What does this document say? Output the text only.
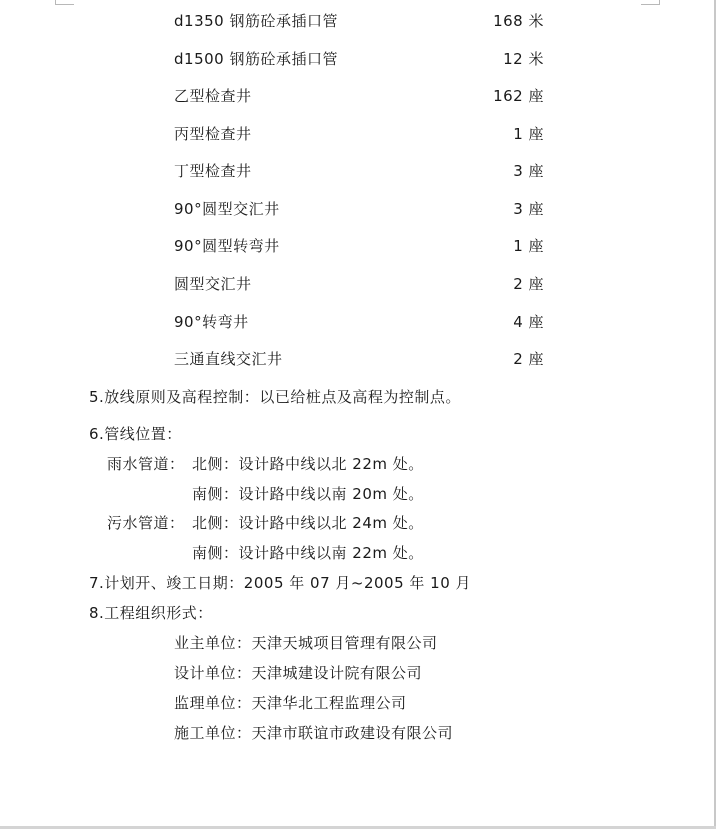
d1350 钢筋砼承插口管	168 米
d1500 钢筋砼承插口管	12 米
乙型检查井	162 座
丙型检查井	1 座
丁型检查井	3 座
90°圆型交汇井	3 座
90°圆型转弯井	1 座
圆型交汇井	2 座
90°转弯井	4 座
三通直线交汇井	2 座
5.放线原则及高程控制：以已给桩点及高程为控制点。
6.管线位置：
雨水管道： 北侧：设计路中线以北 22m 处。
南侧：设计路中线以南 20m 处。
污水管道： 北侧：设计路中线以北 24m 处。
南侧：设计路中线以南 22m 处。
7.计划开、竣工日期：2005 年 07 月~2005 年 10 月
8.工程组织形式：
业主单位：天津天城项目管理有限公司
设计单位：天津城建设计院有限公司
监理单位：天津华北工程监理公司
施工单位：天津市联谊市政建设有限公司
